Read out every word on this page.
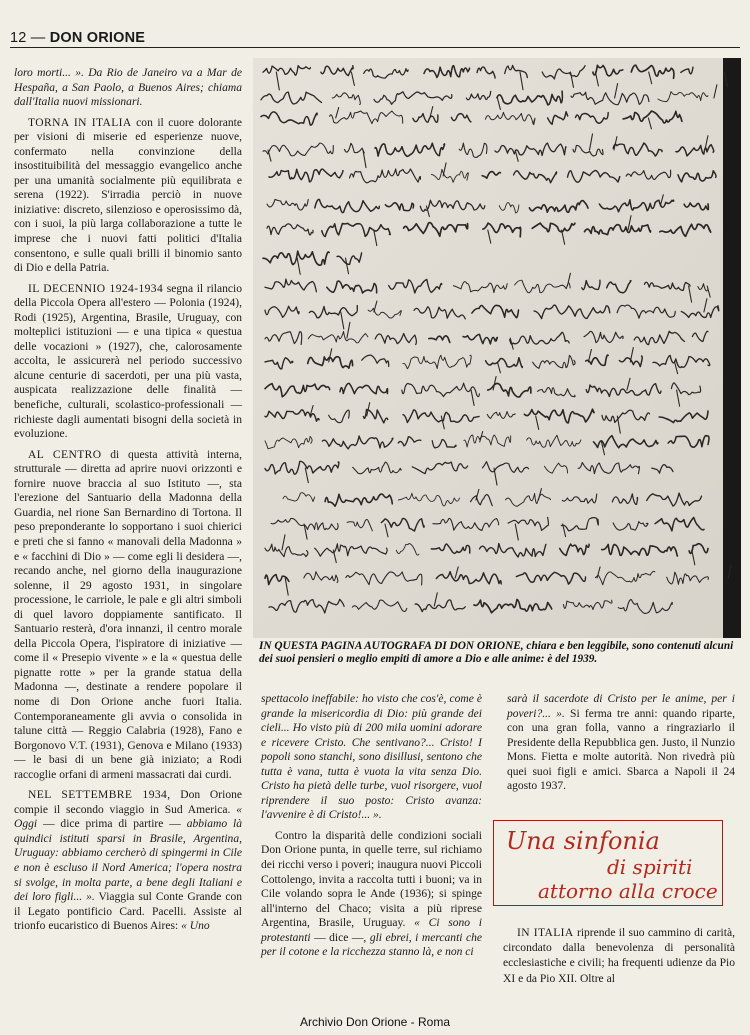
12 — DON ORIONE

loro morti... ». Da Rio de Janeiro va a Mar de Hespaña, a San Paolo, a Buenos Aires; chiama dall'Italia nuovi missionari.

TORNA IN ITALIA con il cuore dolorante per visioni di miserie ed esperienze nuove, confermato nella convinzione della insostituibilità del messaggio evangelico anche per una umanità socialmente più equilibrata e serena (1922). S'irradia perciò in nuove iniziative: discreto, silenzioso e operosissimo dà, con i suoi, la più larga collaborazione a tutte le imprese che i nuovi fatti politici d'Italia consentono, e sulle quali brilli il binomio santo di Dio e della Patria.

IL DECENNIO 1924-1934 segna il rilancio della Piccola Opera all'estero — Polonia (1924), Rodi (1925), Argentina, Brasile, Uruguay, con molteplici istituzioni — e una tipica « questua delle vocazioni » (1927), che, calorosamente accolta, le assicurerà nel periodo successivo alcune centurie di sacerdoti, per una più vasta, auspicata realizzazione delle finalità — benefiche, culturali, scolastico-professionali — richieste dagli aumentati bisogni della società in evoluzione.

AL CENTRO di questa attività interna, strutturale — diretta ad aprire nuovi orizzonti e fornire nuove braccia al suo Istituto —, sta l'erezione del Santuario della Madonna della Guardia, nel rione San Bernardino di Tortona. Il peso preponderante lo sopportano i suoi chierici e preti che si fanno « manovali della Madonna » e « facchini di Dio » — come egli li desidera —, recando anche, nel giorno della inaugurazione solenne, il 29 agosto 1931, in singolare processione, le carriole, le pale e gli altri simboli di quel lavoro doppiamente santificato. Il Santuario resterà, d'ora innanzi, il centro morale della Piccola Opera, l'ispiratore di iniziative — come il « Presepio vivente » e la « questua delle pignatte rotte » per la grande statua della Madonna —, destinate a rendere popolare il nome di Don Orione anche fuori Italia. Contemporaneamente gli avvia o consolida in talune città — Reggio Calabria (1928), Fano e Borgonovo V.T. (1931), Genova e Milano (1933) — le basi di un bene già iniziato; a Rodi raccoglie orfani di armeni massacrati dai curdi.

NEL SETTEMBRE 1934, Don Orione compie il secondo viaggio in Sud America. « Oggi — dice prima di partire — abbiamo là quindici istituti sparsi in Brasile, Argentina, Uruguay: abbiamo cercherò di spingermi in Cile e non è escluso il Nord America; l'opera nostra si svolge, in molta parte, a bene degli Italiani e dei loro figli... ». Viaggia sul Conte Grande con il Legato pontificio Card. Pacelli. Assiste al trionfo eucaristico di Buenos Aires: « Uno

IN QUESTA PAGINA AUTOGRAFA DI DON ORIONE, chiara e ben leggibile, sono contenuti alcuni dei suoi pensieri o meglio empiti di amore a Dio e alle anime: è del 1939.

spettacolo ineffabile: ho visto che cos'è, come è grande la misericordia di Dio: più grande dei cieli... Ho visto più di 200 mila uomini adorare e ricevere Cristo. Che sentivano?... Cristo! I popoli sono stanchi, sono disillusi, sentono che tutta è vana, tutta è vuota la vita senza Dio. Cristo ha pietà delle turbe, vuol risorgere, vuol riprendere il suo posto: Cristo avanza: l'avvenire è di Cristo!... ».

Contro la disparità delle condizioni sociali Don Orione punta, in quelle terre, sul richiamo dei ricchi verso i poveri; inaugura nuovi Piccoli Cottolengo, invita a raccolta tutti i buoni; va in Cile volando sopra le Ande (1936); si spinge all'interno del Chaco; visita a più riprese Argentina, Brasile, Uruguay. « Ci sono i protestanti — dice —, gli ebrei, i mercanti che per il cotone e la ricchezza stanno là, e non ci

sarà il sacerdote di Cristo per le anime, per i poveri?... ». Si ferma tre anni: quando riparte, con una gran folla, vanno a ringraziarlo il Presidente della Repubblica gen. Justo, il Nunzio Mons. Fietta e molte autorità. Non rivedrà più quei suoi figli e amici. Sbarca a Napoli il 24 agosto 1937.

Una sinfonia
di spiriti
attorno alla croce

IN ITALIA riprende il suo cammino di carità, circondato dalla benevolenza di personalità ecclesiastiche e civili; ha frequenti udienze da Pio XI e da Pio XII. Oltre al

Archivio Don Orione - Roma
